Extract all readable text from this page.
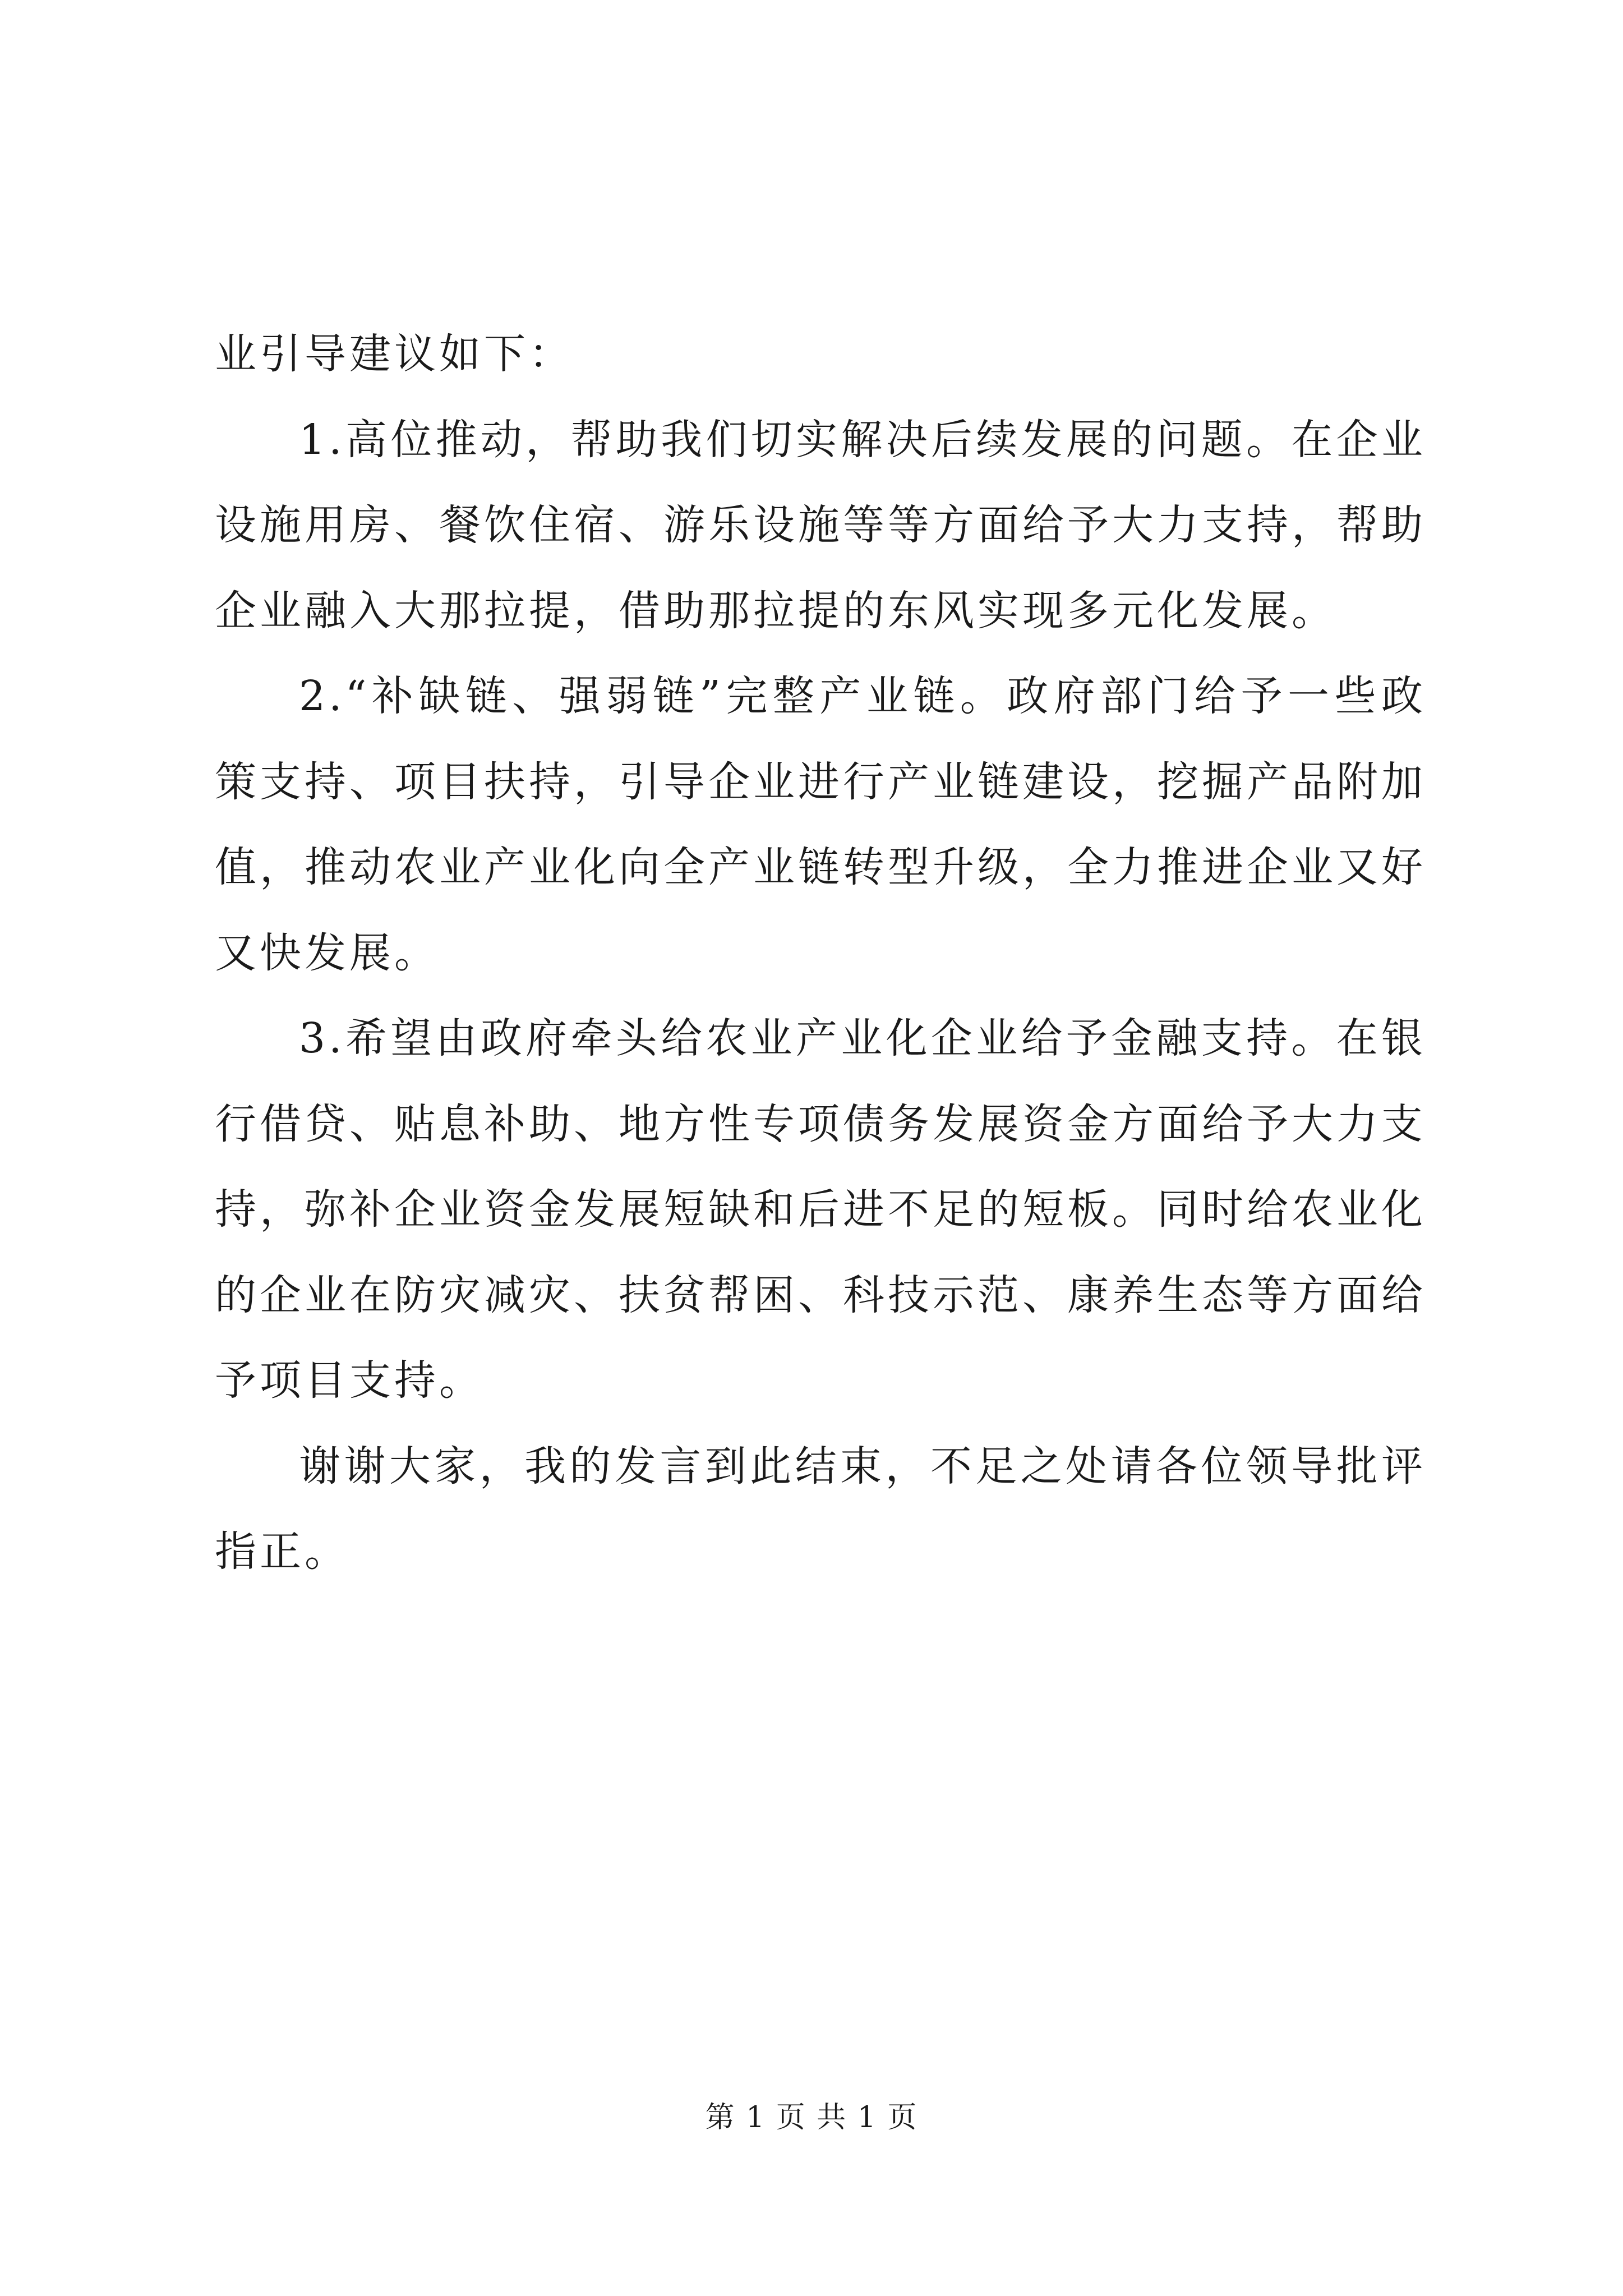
业引导建议如下：

1.高位推动，帮助我们切实解决后续发展的问题。在企业设施用房、餐饮住宿、游乐设施等等方面给予大力支持，帮助企业融入大那拉提，借助那拉提的东风实现多元化发展。

2.“补缺链、强弱链”完整产业链。政府部门给予一些政策支持、项目扶持，引导企业进行产业链建设，挖掘产品附加值，推动农业产业化向全产业链转型升级，全力推进企业又好又快发展。

3.希望由政府牵头给农业产业化企业给予金融支持。在银行借贷、贴息补助、地方性专项债务发展资金方面给予大力支持，弥补企业资金发展短缺和后进不足的短板。同时给农业化的企业在防灾减灾、扶贫帮困、科技示范、康养生态等方面给予项目支持。

谢谢大家，我的发言到此结束，不足之处请各位领导批评指正。

第 1 页 共 1 页
